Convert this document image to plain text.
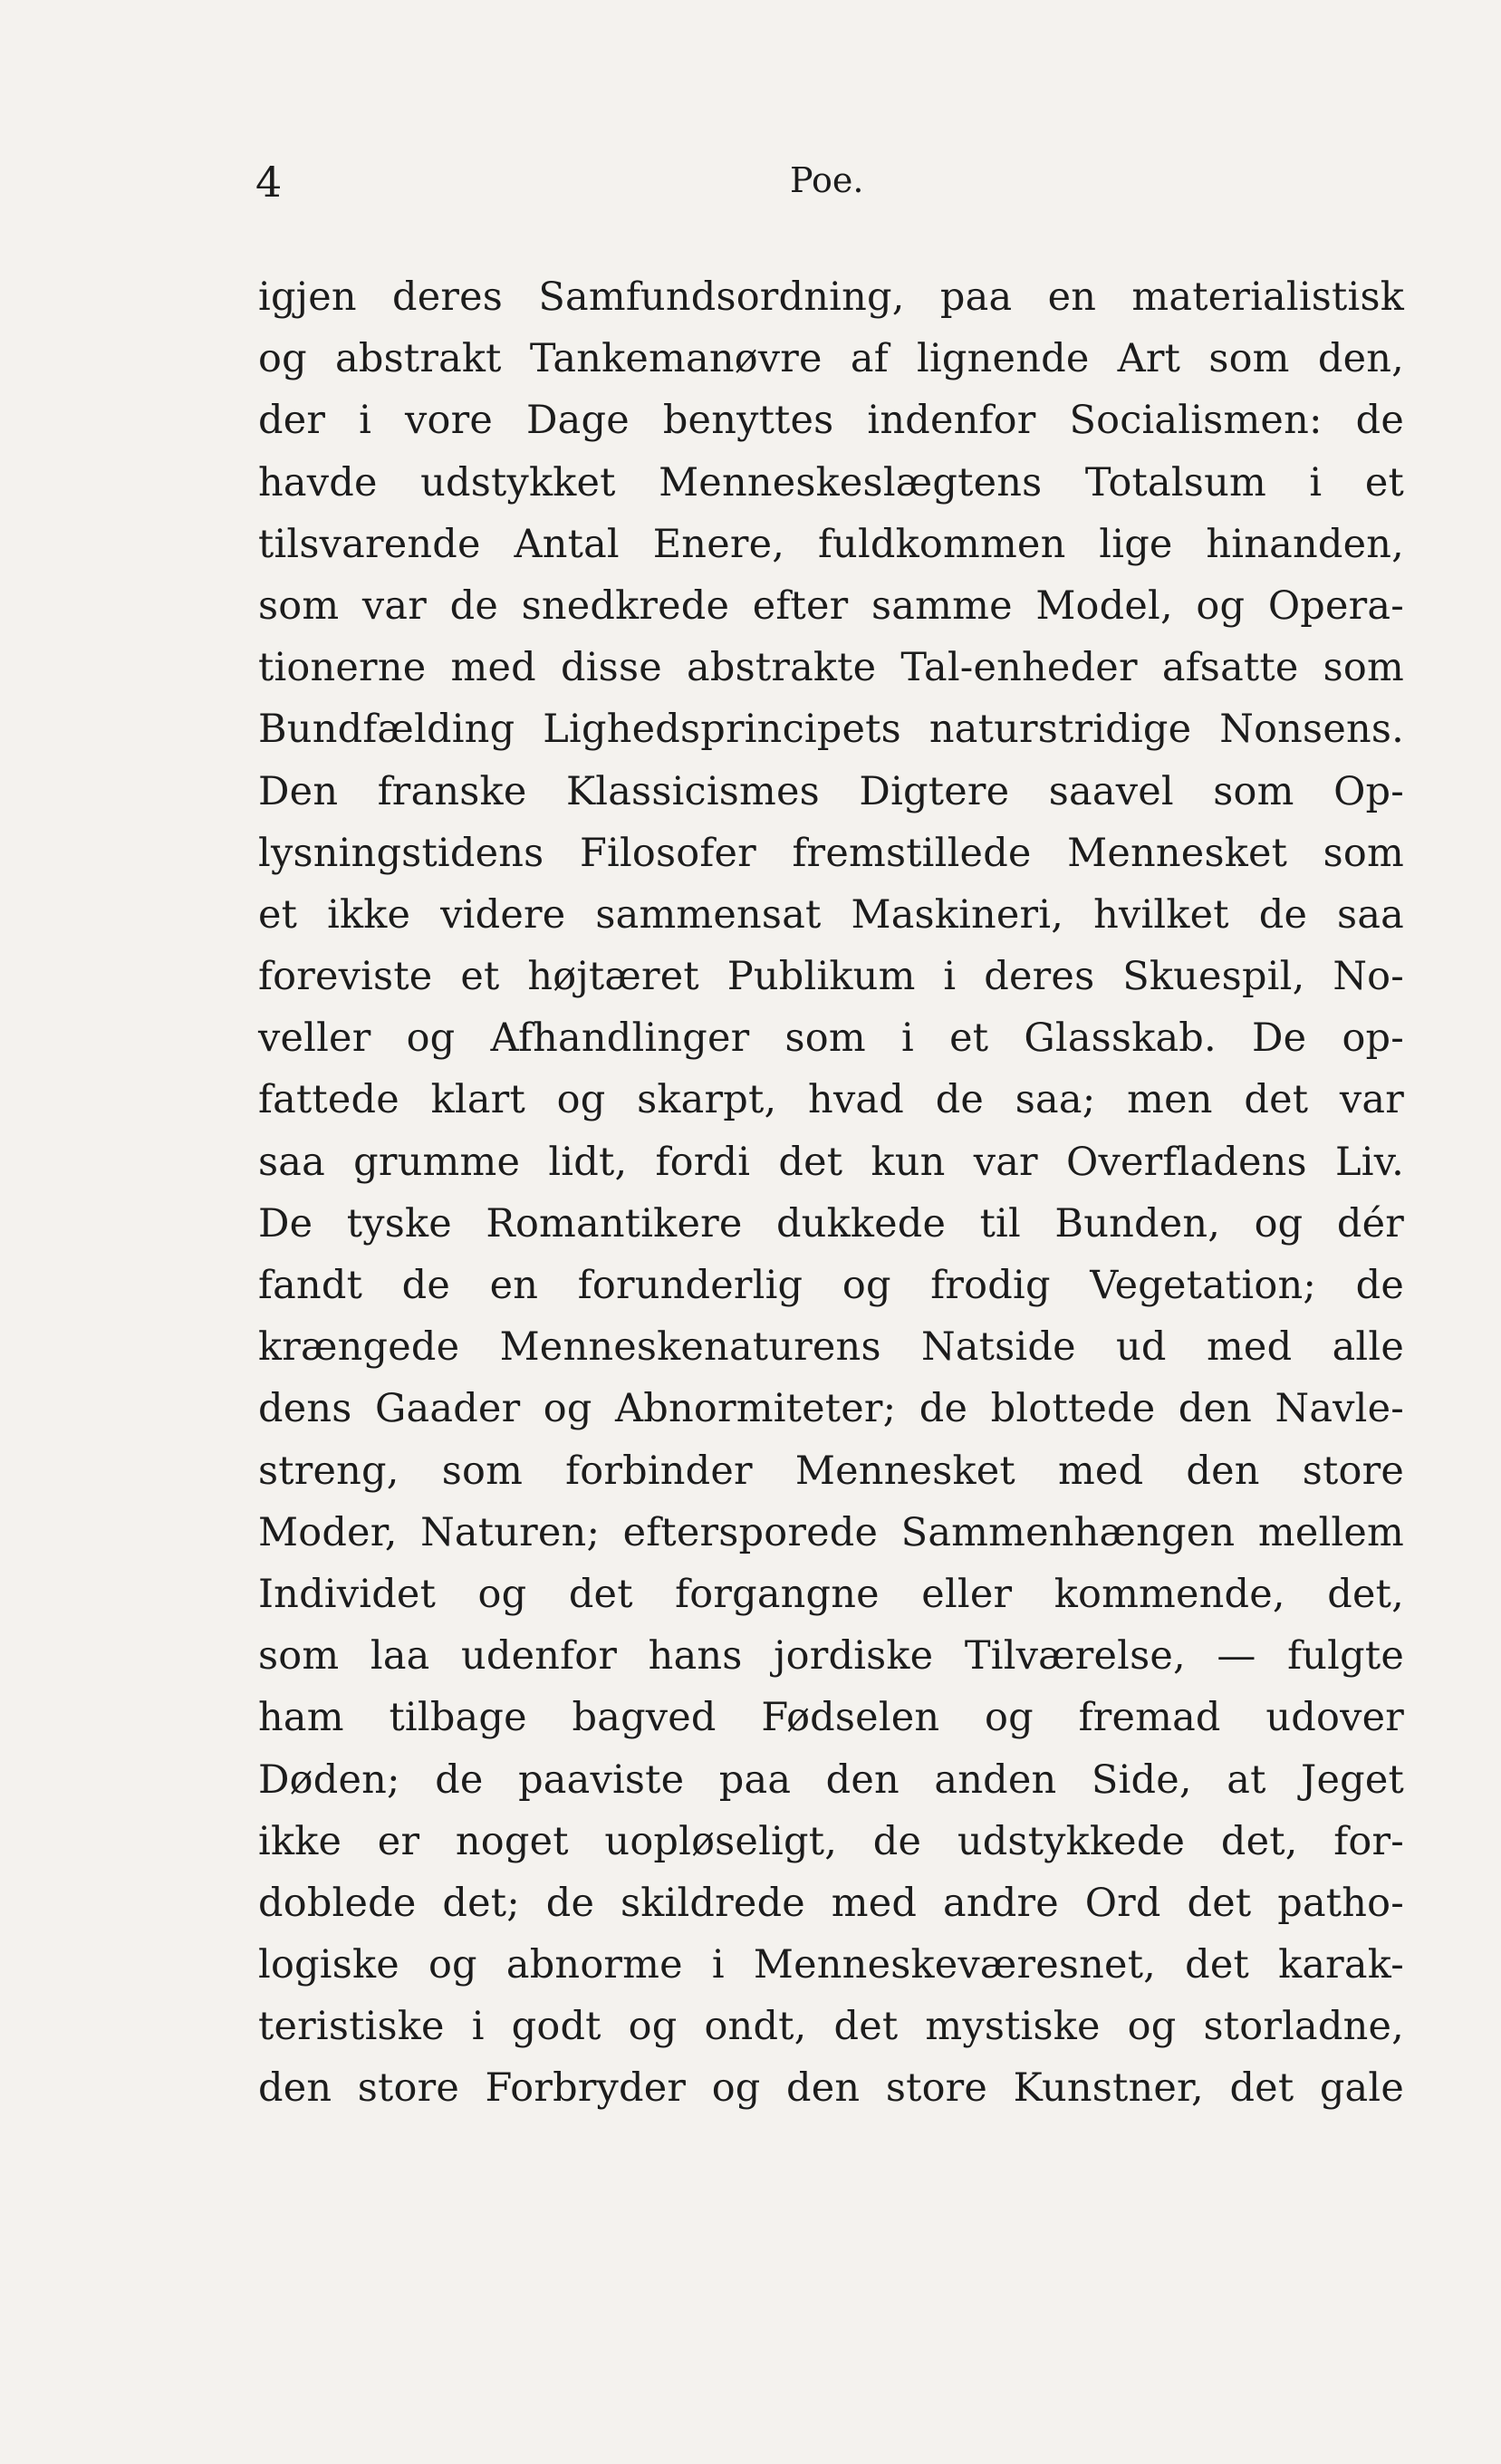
4	Poe.
igjen deres Samfundsordning, paa en materialistisk
og abstrakt Tankemanøvre af lignende Art som den,
der i vore Dage benyttes indenfor Socialismen: de
havde udstykket Menneskeslægtens Totalsum i et
tilsvarende Antal Enere, fuldkommen lige hinanden,
som var de snedkrede efter samme Model, og Opera-
tionerne med disse abstrakte Tal-enheder afsatte som
Bundfælding Lighedsprincipets naturstridige Nonsens.
Den franske Klassicismes Digtere saavel som Op-
lysningstidens Filosofer fremstillede Mennesket som
et ikke videre sammensat Maskineri, hvilket de saa
foreviste et højtæret Publikum i deres Skuespil, No-
veller og Afhandlinger som i et Glasskab. De op-
fattede klart og skarpt, hvad de saa; men det var
saa grumme lidt, fordi det kun var Overfladens Liv.
De tyske Romantikere dukkede til Bunden, og dér
fandt de en forunderlig og frodig Vegetation; de
krængede Menneskenaturens Natside ud med alle
dens Gaader og Abnormiteter; de blottede den Navle-
streng, som forbinder Mennesket med den store
Moder, Naturen; eftersporede Sammenhængen mellem
Individet og det forgangne eller kommende, det,
som laa udenfor hans jordiske Tilværelse, — fulgte
ham tilbage bagved Fødselen og fremad udover
Døden; de paaviste paa den anden Side, at Jeget
ikke er noget uopløseligt, de udstykkede det, for-
doblede det; de skildrede med andre Ord det patho-
logiske og abnorme i Menneskeværesnet, det karak-
teristiske i godt og ondt, det mystiske og storladne,
den store Forbryder og den store Kunstner, det gale
